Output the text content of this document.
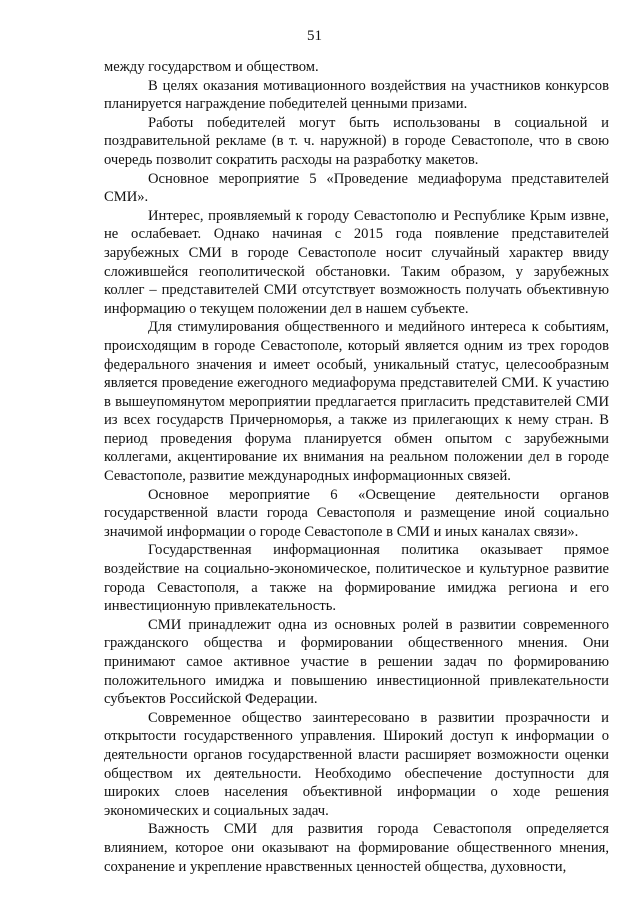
51

между государством и обществом.

В целях оказания мотивационного воздействия на участников конкурсов планируется награждение победителей ценными призами.

Работы победителей могут быть использованы в социальной и поздравительной рекламе (в т. ч. наружной) в городе Севастополе, что в свою очередь позволит сократить расходы на разработку макетов.

Основное мероприятие 5 «Проведение медиафорума представителей СМИ».

Интерес, проявляемый к городу Севастополю и Республике Крым извне, не ослабевает. Однако начиная с 2015 года появление представителей зарубежных СМИ в городе Севастополе носит случайный характер ввиду сложившейся геополитической обстановки. Таким образом, у зарубежных коллег – представителей СМИ отсутствует возможность получать объективную информацию о текущем положении дел в нашем субъекте.

Для стимулирования общественного и медийного интереса к событиям, происходящим в городе Севастополе, который является одним из трех городов федерального значения и имеет особый, уникальный статус, целесообразным является проведение ежегодного медиафорума представителей СМИ. К участию в вышеупомянутом мероприятии предлагается пригласить представителей СМИ из всех государств Причерноморья, а также из прилегающих к нему стран. В период проведения форума планируется обмен опытом с зарубежными коллегами, акцентирование их внимания на реальном положении дел в городе Севастополе, развитие международных информационных связей.

Основное мероприятие 6 «Освещение деятельности органов государственной власти города Севастополя и размещение иной социально значимой информации о городе Севастополе в СМИ и иных каналах связи».

Государственная информационная политика оказывает прямое воздействие на социально-экономическое, политическое и культурное развитие города Севастополя, а также на формирование имиджа региона и его инвестиционную привлекательность.

СМИ принадлежит одна из основных ролей в развитии современного гражданского общества и формировании общественного мнения. Они принимают самое активное участие в решении задач по формированию положительного имиджа и повышению инвестиционной привлекательности субъектов Российской Федерации.

Современное общество заинтересовано в развитии прозрачности и открытости государственного управления. Широкий доступ к информации о деятельности органов государственной власти расширяет возможности оценки обществом их деятельности. Необходимо обеспечение доступности для широких слоев населения объективной информации о ходе решения экономических и социальных задач.

Важность СМИ для развития города Севастополя определяется влиянием, которое они оказывают на формирование общественного мнения, сохранение и укрепление нравственных ценностей общества, духовности,
